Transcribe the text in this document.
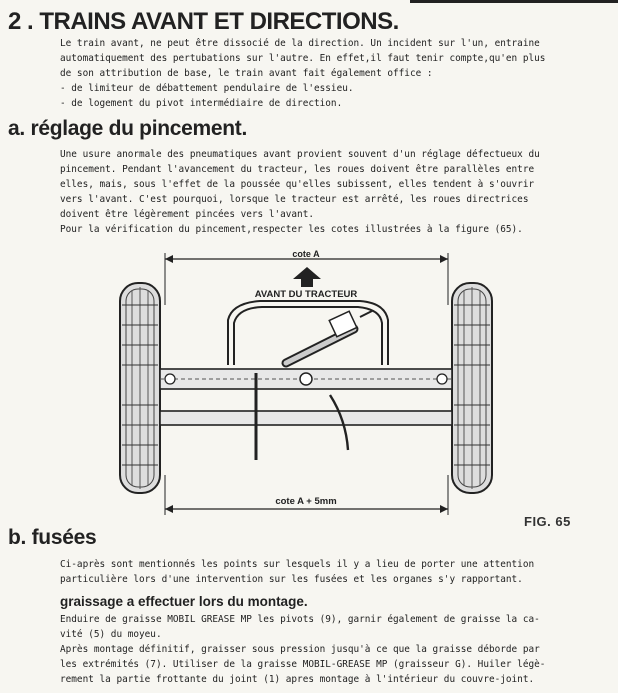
2 . TRAINS AVANT ET DIRECTIONS.
Le train avant, ne peut être dissocié de la direction. Un incident sur l'un, entraine
automatiquement des pertubations sur l'autre. En effet,il faut tenir compte,qu'en plus
de son attribution de base, le train avant fait également office :
- de limiteur de débattement pendulaire de l'essieu.
- de logement du pivot intermédiaire de direction.
a. réglage du pincement.
Une usure anormale des pneumatiques avant provient souvent d'un réglage défectueux du
pincement. Pendant l'avancement du tracteur, les roues doivent être parallèles entre
elles, mais, sous l'effet de la poussée qu'elles subissent, elles tendent à s'ouvrir
vers l'avant. C'est pourquoi, lorsque le tracteur est arrêté, les roues directrices
doivent être légèrement pincées vers l'avant.
Pour la vérification du pincement,respecter les cotes illustrées à la figure (65).
cote A
AVANT DU TRACTEUR
cote A + 5mm
FIG. 65
b. fusées
Ci-après sont mentionnés les points sur lesquels il y a lieu de porter une attention
particulière lors d'une intervention sur les fusées et les organes s'y rapportant.
graissage a effectuer lors du montage.
Enduire de graisse MOBIL GREASE MP les pivots (9), garnir également de graisse la ca-
vité (5) du moyeu.
Après montage définitif, graisser sous pression jusqu'à ce que la graisse déborde par
les extrémités (7). Utiliser de la graisse MOBIL-GREASE MP (graisseur G). Huiler légè-
rement la partie frottante du joint (1) apres montage à l'intérieur du couvre-joint.
